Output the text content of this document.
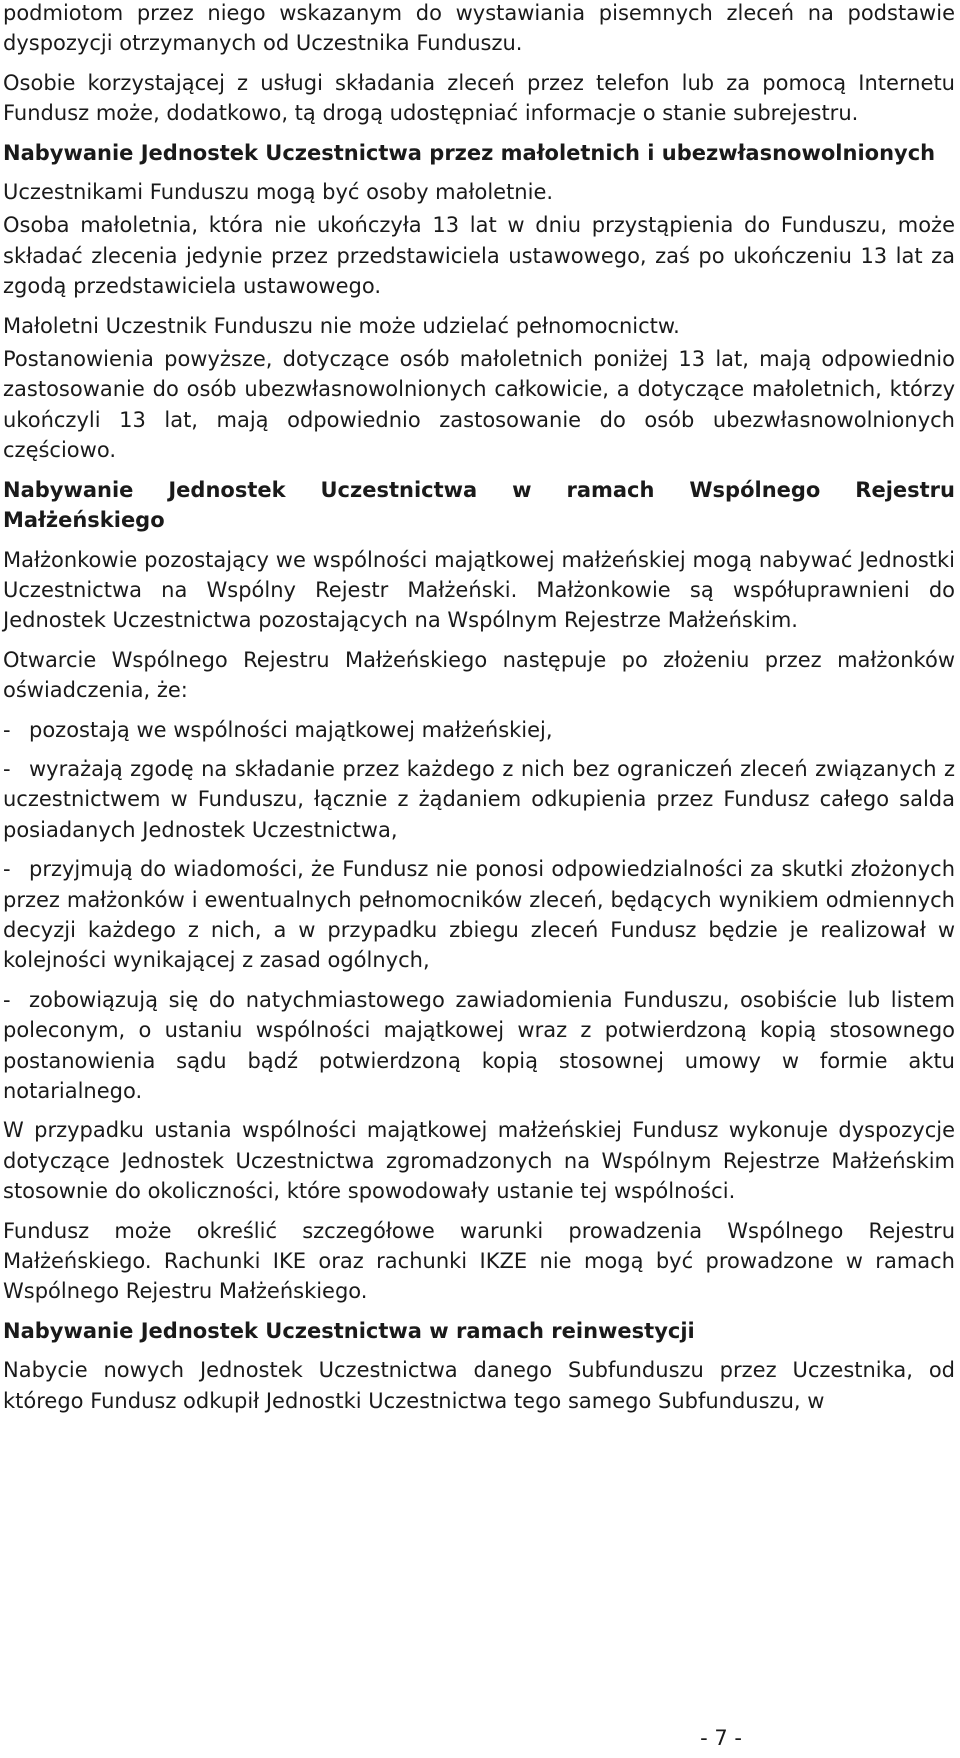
podmiotom przez niego wskazanym do wystawiania pisemnych zleceń na podstawie dyspozycji otrzymanych od Uczestnika Funduszu.

Osobie korzystającej z usługi składania zleceń przez telefon lub za pomocą Internetu Fundusz może, dodatkowo, tą drogą udostępniać informacje o stanie subrejestru.

Nabywanie Jednostek Uczestnictwa przez małoletnich i ubezwłasnowolnionych

Uczestnikami Funduszu mogą być osoby małoletnie.

Osoba małoletnia, która nie ukończyła 13 lat w dniu przystąpienia do Funduszu, może składać zlecenia jedynie przez przedstawiciela ustawowego, zaś po ukończeniu 13 lat za zgodą przedstawiciela ustawowego.

Małoletni Uczestnik Funduszu nie może udzielać pełnomocnictw.

Postanowienia powyższe, dotyczące osób małoletnich poniżej 13 lat, mają odpowiednio zastosowanie do osób ubezwłasnowolnionych całkowicie, a dotyczące małoletnich, którzy ukończyli 13 lat, mają odpowiednio zastosowanie do osób ubezwłasnowolnionych częściowo.

Nabywanie Jednostek Uczestnictwa w ramach Wspólnego Rejestru Małżeńskiego

Małżonkowie pozostający we wspólności majątkowej małżeńskiej mogą nabywać Jednostki Uczestnictwa na Wspólny Rejestr Małżeński. Małżonkowie są współuprawnieni do Jednostek Uczestnictwa pozostających na Wspólnym Rejestrze Małżeńskim.

Otwarcie Wspólnego Rejestru Małżeńskiego następuje po złożeniu przez małżonków oświadczenia, że:

- pozostają we wspólności majątkowej małżeńskiej,
- wyrażają zgodę na składanie przez każdego z nich bez ograniczeń zleceń związanych z uczestnictwem w Funduszu, łącznie z żądaniem odkupienia przez Fundusz całego salda posiadanych Jednostek Uczestnictwa,
- przyjmują do wiadomości, że Fundusz nie ponosi odpowiedzialności za skutki złożonych przez małżonków i ewentualnych pełnomocników zleceń, będących wynikiem odmiennych decyzji każdego z nich, a w przypadku zbiegu zleceń Fundusz będzie je realizował w kolejności wynikającej z zasad ogólnych,
- zobowiązują się do natychmiastowego zawiadomienia Funduszu, osobiście lub listem poleconym, o ustaniu wspólności majątkowej wraz z potwierdzoną kopią stosownego postanowienia sądu bądź potwierdzoną kopią stosownej umowy w formie aktu notarialnego.

W przypadku ustania wspólności majątkowej małżeńskiej Fundusz wykonuje dyspozycje dotyczące Jednostek Uczestnictwa zgromadzonych na Wspólnym Rejestrze Małżeńskim stosownie do okoliczności, które spowodowały ustanie tej wspólności.

Fundusz może określić szczegółowe warunki prowadzenia Wspólnego Rejestru Małżeńskiego. Rachunki IKE oraz rachunki IKZE nie mogą być prowadzone w ramach Wspólnego Rejestru Małżeńskiego.

Nabywanie Jednostek Uczestnictwa w ramach reinwestycji

Nabycie nowych Jednostek Uczestnictwa danego Subfunduszu przez Uczestnika, od którego Fundusz odkupił Jednostki Uczestnictwa tego samego Subfunduszu, w

- 7 -
